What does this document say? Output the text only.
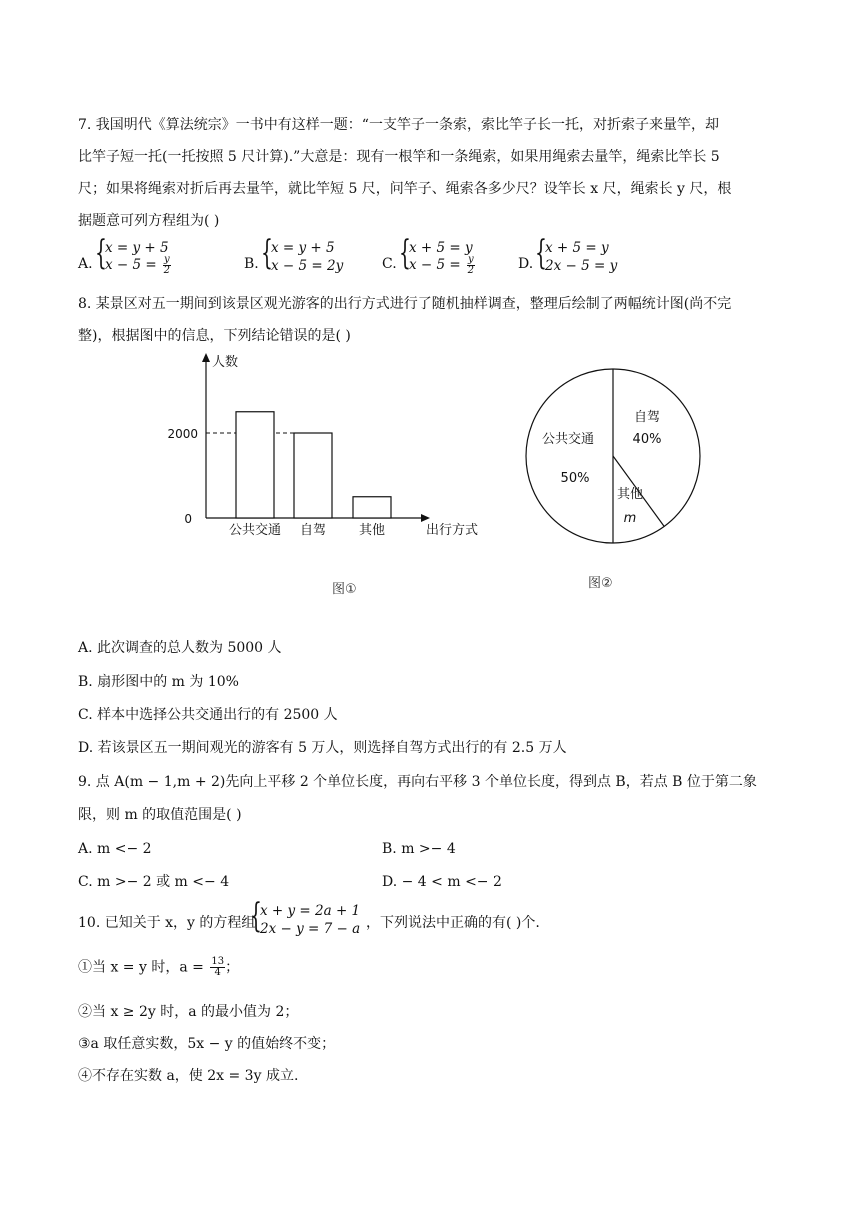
7. 我国明代《算法统宗》一书中有这样一题：“一支竿子一条索，索比竿子长一托，对折索子来量竿，却
比竿子短一托(一托按照 5 尺计算).”大意是：现有一根竿和一条绳索，如果用绳索去量竿，绳索比竿长 5
尺；如果将绳索对折后再去量竿，就比竿短 5 尺，问竿子、绳索各多少尺？设竿长 x 尺，绳索长 y 尺，根
据题意可列方程组为( )
A. {
x = y + 5
$x - 5 = \frac{y}{2}$	B. {
x = y + 5
x − 5 = 2y	C. {
x + 5 = y
$x - 5 = \frac{y}{2}$	D. {
x + 5 = y
2x − 5 = y
8. 某景区对五一期间到该景区观光游客的出行方式进行了随机抽样调查，整理后绘制了两幅统计图(尚不完
整)，根据图中的信息，下列结论错误的是( )
人数
出行方式
0
2000
公共交通 自驾	其他
图①
自驾
40%
公共交通
50%
其他
m
图②
A. 此次调查的总人数为 5000 人
B. 扇形图中的 m 为 10%
C. 样本中选择公共交通出行的有 2500 人
D. 若该景区五一期间观光的游客有 5 万人，则选择自驾方式出行的有 2.5 万人
9. 点 A(m − 1,m + 2)先向上平移 2 个单位长度，再向右平移 3 个单位长度，得到点 B，若点 B 位于第二象
限，则 m 的取值范围是( )
A. m <− 2	B. m >− 4
C. m >− 2 或 m <− 4	D. − 4 < m <− 2
10. 已知关于 x，y 的方程组
{
x + y = 2a + 1
2x − y = 7 − a ，下列说法中正确的有( )个.
①当 x = y 时，$a = \frac{13}{4}$ ；
②当 x ≥ 2y 时，a 的最小值为 2；
③a 取任意实数，5x − y 的值始终不变；
④不存在实数 a，使 2x = 3y 成立.
